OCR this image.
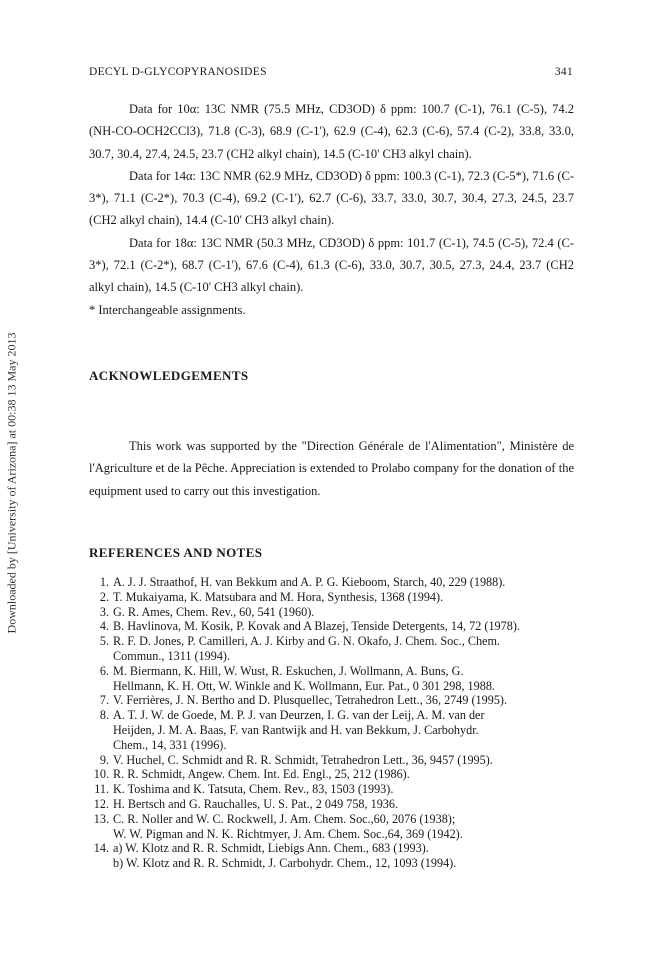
Downloaded by [University of Arizona] at 00:38 13 May 2013
DECYL D-GLYCOPYRANOSIDES	341

Data for 10α: 13C NMR (75.5 MHz, CD3OD) δ ppm: 100.7 (C-1), 76.1 (C-5), 74.2 (NH-CO-OCH2CCl3), 71.8 (C-3), 68.9 (C-1'), 62.9 (C-4), 62.3 (C-6), 57.4 (C-2), 33.8, 33.0, 30.7, 30.4, 27.4, 24.5, 23.7 (CH2 alkyl chain), 14.5 (C-10' CH3 alkyl chain).

Data for 14α: 13C NMR (62.9 MHz, CD3OD) δ ppm: 100.3 (C-1), 72.3 (C-5*), 71.6 (C-3*), 71.1 (C-2*), 70.3 (C-4), 69.2 (C-1'), 62.7 (C-6), 33.7, 33.0, 30.7, 30.4, 27.3, 24.5, 23.7 (CH2 alkyl chain), 14.4 (C-10' CH3 alkyl chain).

Data for 18α: 13C NMR (50.3 MHz, CD3OD) δ ppm: 101.7 (C-1), 74.5 (C-5), 72.4 (C-3*), 72.1 (C-2*), 68.7 (C-1'), 67.6 (C-4), 61.3 (C-6), 33.0, 30.7, 30.5, 27.3, 24.4, 23.7 (CH2 alkyl chain), 14.5 (C-10' CH3 alkyl chain).

* Interchangeable assignments.

ACKNOWLEDGEMENTS

This work was supported by the "Direction Générale de l'Alimentation", Ministère de l'Agriculture et de la Pêche. Appreciation is extended to Prolabo company for the donation of the equipment used to carry out this investigation.

REFERENCES AND NOTES
1. A. J. J. Straathof, H. van Bekkum and A. P. G. Kieboom, Starch, 40, 229 (1988).
2. T. Mukaiyama, K. Matsubara and M. Hora, Synthesis, 1368 (1994).
3. G. R. Ames, Chem. Rev., 60, 541 (1960).
4. B. Havlinova, M. Kosik, P. Kovak and A Blazej, Tenside Detergents, 14, 72 (1978).
5. R. F. D. Jones, P. Camilleri, A. J. Kirby and G. N. Okafo, J. Chem. Soc., Chem.
Commun., 1311 (1994).
6. M. Biermann, K. Hill, W. Wust, R. Eskuchen, J. Wollmann, A. Buns, G.
Hellmann, K. H. Ott, W. Winkle and K. Wollmann, Eur. Pat., 0 301 298, 1988.
7. V. Ferrières, J. N. Bertho and D. Plusquellec, Tetrahedron Lett., 36, 2749 (1995).
8. A. T. J. W. de Goede, M. P. J. van Deurzen, I. G. van der Leij, A. M. van der
Heijden, J. M. A. Baas, F. van Rantwijk and H. van Bekkum, J. Carbohydr.
Chem., 14, 331 (1996).
9. V. Huchel, C. Schmidt and R. R. Schmidt, Tetrahedron Lett., 36, 9457 (1995).
10. R. R. Schmidt, Angew. Chem. Int. Ed. Engl., 25, 212 (1986).
11. K. Toshima and K. Tatsuta, Chem. Rev., 83, 1503 (1993).
12. H. Bertsch and G. Rauchalles, U. S. Pat., 2 049 758, 1936.
13. C. R. Noller and W. C. Rockwell, J. Am. Chem. Soc.,60, 2076 (1938);
W. W. Pigman and N. K. Richtmyer, J. Am. Chem. Soc.,64, 369 (1942).
14. a) W. Klotz and R. R. Schmidt, Liebigs Ann. Chem., 683 (1993).
b) W. Klotz and R. R. Schmidt, J. Carbohydr. Chem., 12, 1093 (1994).
